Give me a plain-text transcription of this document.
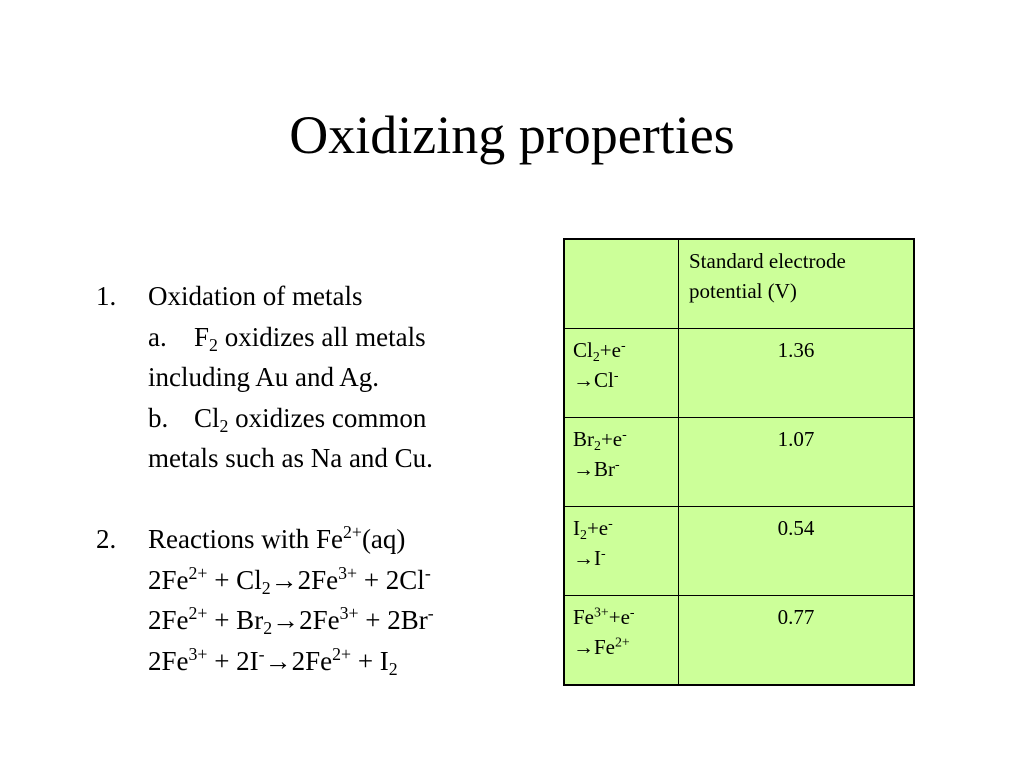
Oxidizing properties
1. Oxidation of metals
a. $F_2$ oxidizes all metals
including Au and Ag.
b. $Cl_2$ oxidizes common
metals such as Na and Cu.
2. Reactions with $Fe^{2+}(aq)$
$2Fe^{2+} + Cl_2\to 2Fe^{3+} + 2Cl^-$
$2Fe^{2+} + Br_2\to 2Fe^{3+} + 2Br^-$
$2Fe^{3+} + 2I^-\to 2Fe^{2+} + I_2$
	Standard electrode potential (V)
$Cl_2+e^-$
→Cl-	1.36
$Br_2+e^-$
→Br-	1.07
$I_2+e^-$
→I-	0.54
$Fe^{3+}+e^-$
$\to Fe^{2+}$	0.77
